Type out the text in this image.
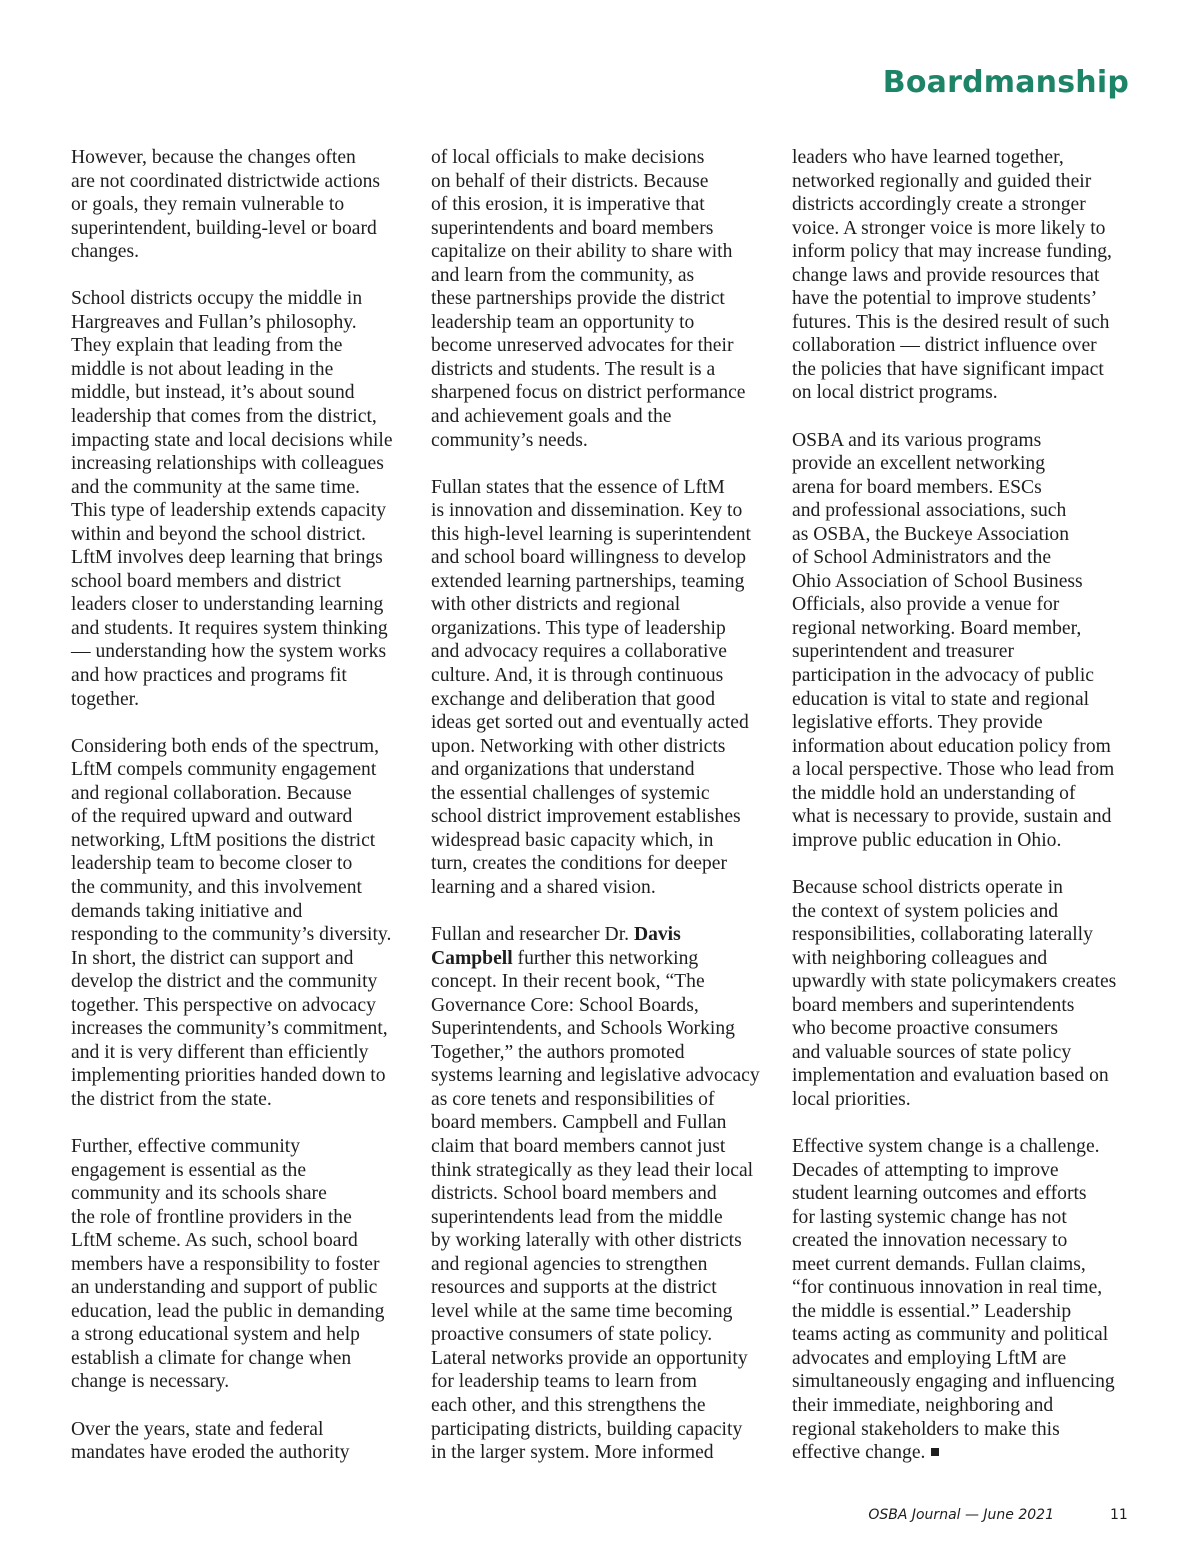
Boardmanship
However, because the changes often
are not coordinated districtwide actions
or goals, they remain vulnerable to
superintendent, building-level or board
changes.
School districts occupy the middle in
Hargreaves and Fullan’s philosophy.
They explain that leading from the
middle is not about leading in the
middle, but instead, it’s about sound
leadership that comes from the district,
impacting state and local decisions while
increasing relationships with colleagues
and the community at the same time.
This type of leadership extends capacity
within and beyond the school district.
LftM involves deep learning that brings
school board members and district
leaders closer to understanding learning
and students. It requires system thinking
— understanding how the system works
and how practices and programs fit
together.
Considering both ends of the spectrum,
LftM compels community engagement
and regional collaboration. Because
of the required upward and outward
networking, LftM positions the district
leadership team to become closer to
the community, and this involvement
demands taking initiative and
responding to the community’s diversity.
In short, the district can support and
develop the district and the community
together. This perspective on advocacy
increases the community’s commitment,
and it is very different than efficiently
implementing priorities handed down to
the district from the state.
Further, effective community
engagement is essential as the
community and its schools share
the role of frontline providers in the
LftM scheme. As such, school board
members have a responsibility to foster
an understanding and support of public
education, lead the public in demanding
a strong educational system and help
establish a climate for change when
change is necessary.
Over the years, state and federal
mandates have eroded the authority
of local officials to make decisions
on behalf of their districts. Because
of this erosion, it is imperative that
superintendents and board members
capitalize on their ability to share with
and learn from the community, as
these partnerships provide the district
leadership team an opportunity to
become unreserved advocates for their
districts and students. The result is a
sharpened focus on district performance
and achievement goals and the
community’s needs.
Fullan states that the essence of LftM
is innovation and dissemination. Key to
this high-level learning is superintendent
and school board willingness to develop
extended learning partnerships, teaming
with other districts and regional
organizations. This type of leadership
and advocacy requires a collaborative
culture. And, it is through continuous
exchange and deliberation that good
ideas get sorted out and eventually acted
upon. Networking with other districts
and organizations that understand
the essential challenges of systemic
school district improvement establishes
widespread basic capacity which, in
turn, creates the conditions for deeper
learning and a shared vision.
Fullan and researcher Dr. Davis
Campbell further this networking
concept. In their recent book, “The
Governance Core: School Boards,
Superintendents, and Schools Working
Together,” the authors promoted
systems learning and legislative advocacy
as core tenets and responsibilities of
board members. Campbell and Fullan
claim that board members cannot just
think strategically as they lead their local
districts. School board members and
superintendents lead from the middle
by working laterally with other districts
and regional agencies to strengthen
resources and supports at the district
level while at the same time becoming
proactive consumers of state policy.
Lateral networks provide an opportunity
for leadership teams to learn from
each other, and this strengthens the
participating districts, building capacity
in the larger system. More informed
leaders who have learned together,
networked regionally and guided their
districts accordingly create a stronger
voice. A stronger voice is more likely to
inform policy that may increase funding,
change laws and provide resources that
have the potential to improve students’
futures. This is the desired result of such
collaboration — district influence over
the policies that have significant impact
on local district programs.
OSBA and its various programs
provide an excellent networking
arena for board members. ESCs
and professional associations, such
as OSBA, the Buckeye Association
of School Administrators and the
Ohio Association of School Business
Officials, also provide a venue for
regional networking. Board member,
superintendent and treasurer
participation in the advocacy of public
education is vital to state and regional
legislative efforts. They provide
information about education policy from
a local perspective. Those who lead from
the middle hold an understanding of
what is necessary to provide, sustain and
improve public education in Ohio.
Because school districts operate in
the context of system policies and
responsibilities, collaborating laterally
with neighboring colleagues and
upwardly with state policymakers creates
board members and superintendents
who become proactive consumers
and valuable sources of state policy
implementation and evaluation based on
local priorities.
Effective system change is a challenge.
Decades of attempting to improve
student learning outcomes and efforts
for lasting systemic change has not
created the innovation necessary to
meet current demands. Fullan claims,
“for continuous innovation in real time,
the middle is essential.” Leadership
teams acting as community and political
advocates and employing LftM are
simultaneously engaging and influencing
their immediate, neighboring and
regional stakeholders to make this
effective change.
OSBA Journal — June 2021	11
